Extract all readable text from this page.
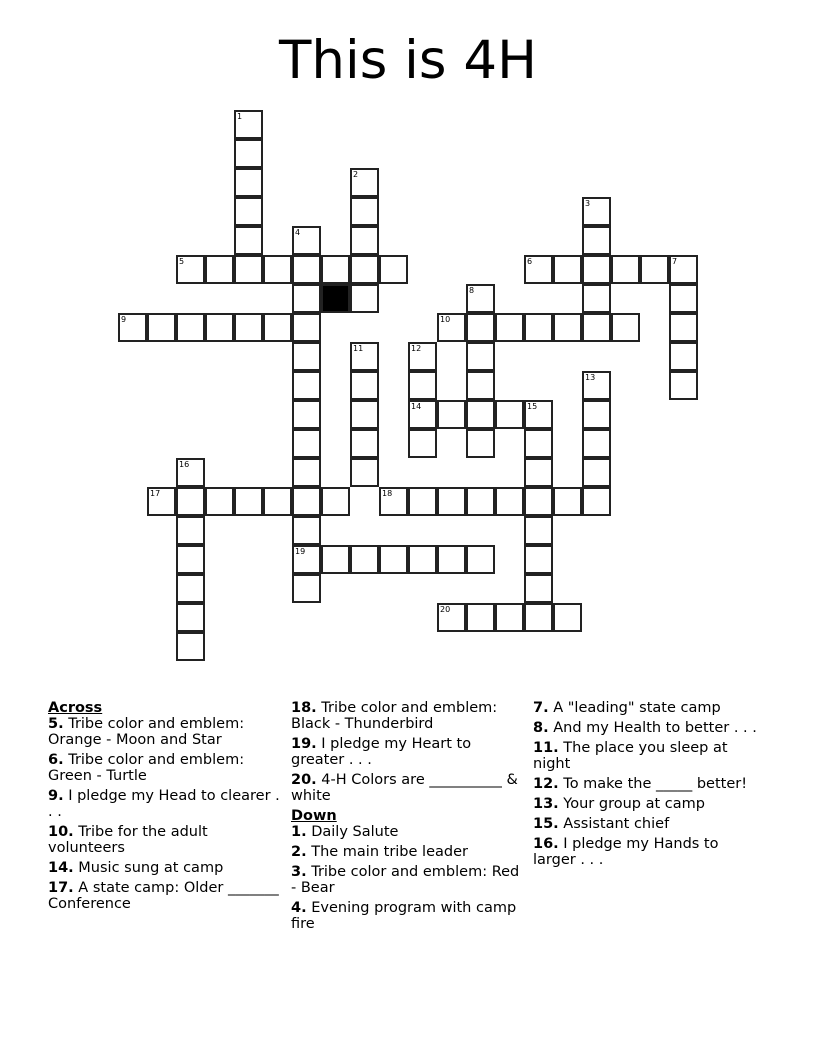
This is 4H
1
2
3
4
19
5	6	7
8
9	10
11	12
14
13
15
16
17	18
20
Across
5. Tribe color and emblem: Orange - Moon and Star
6. Tribe color and emblem: Green - Turtle
9. I pledge my Head to clearer . . .
10. Tribe for the adult volunteers
14. Music sung at camp
17. A state camp: Older _______ Conference
18. Tribe color and emblem: Black - Thunderbird
19. I pledge my Heart to greater . . .
20. 4-H Colors are __________ & white
Down
1. Daily Salute
2. The main tribe leader
3. Tribe color and emblem: Red - Bear
4. Evening program with camp fire
7. A "leading" state camp
8. And my Health to better . . .
11. The place you sleep at night
12. To make the _____ better!
13. Your group at camp
15. Assistant chief
16. I pledge my Hands to larger . . .
